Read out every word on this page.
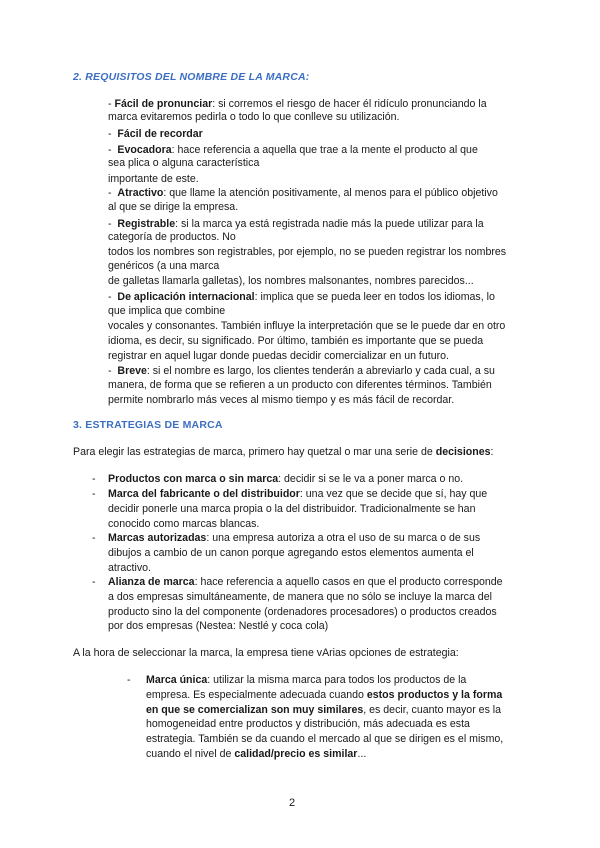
2. REQUISITOS DEL NOMBRE DE LA MARCA:
- Fácil de pronunciar: si corremos el riesgo de hacer él ridículo pronunciando la
marca evitaremos pedirla o todo lo que conlleve su utilización.
- Fácil de recordar
- Evocadora: hace referencia a aquella que trae a la mente el producto al que
sea plica o alguna característica
importante de este.
- Atractivo: que llame la atención positivamente, al menos para el público objetivo
al que se dirige la empresa.
- Registrable: si la marca ya está registrada nadie más la puede utilizar para la
categoría de productos. No
todos los nombres son registrables, por ejemplo, no se pueden registrar los nombres
genéricos (a una marca
de galletas llamarla galletas), los nombres malsonantes, nombres parecidos...
- De aplicación internacional: implica que se pueda leer en todos los idiomas, lo
que implica que combine
vocales y consonantes. También influye la interpretación que se le puede dar en otro
idioma, es decir, su significado. Por último, también es importante que se pueda
registrar en aquel lugar donde puedas decidir comercializar en un futuro.
- Breve: si el nombre es largo, los clientes tenderán a abreviarlo y cada cual, a su
manera, de forma que se refieren a un producto con diferentes términos. También
permite nombrarlo más veces al mismo tiempo y es más fácil de recordar.
3. ESTRATEGIAS DE MARCA
Para elegir las estrategias de marca, primero hay quetzal o mar una serie de decisiones:
- Productos con marca o sin marca: decidir si se le va a poner marca o no.
- Marca del fabricante o del distribuidor: una vez que se decide que sí, hay que
decidir ponerle una marca propia o la del distribuidor. Tradicionalmente se han
conocido como marcas blancas.
- Marcas autorizadas: una empresa autoriza a otra el uso de su marca o de sus
dibujos a cambio de un canon porque agregando estos elementos aumenta el
atractivo.
- Alianza de marca: hace referencia a aquello casos en que el producto corresponde
a dos empresas simultáneamente, de manera que no sólo se incluye la marca del
producto sino la del componente (ordenadores procesadores) o productos creados
por dos empresas (Nestea: Nestlé y coca cola)
A la hora de seleccionar la marca, la empresa tiene vArias opciones de estrategia:
- Marca única: utilizar la misma marca para todos los productos de la
empresa. Es especialmente adecuada cuando estos productos y la forma
en que se comercializan son muy similares, es decir, cuanto mayor es la
homogeneidad entre productos y distribución, más adecuada es esta
estrategia. También se da cuando el mercado al que se dirigen es el mismo,
cuando el nivel de calidad/precio es similar...
2
